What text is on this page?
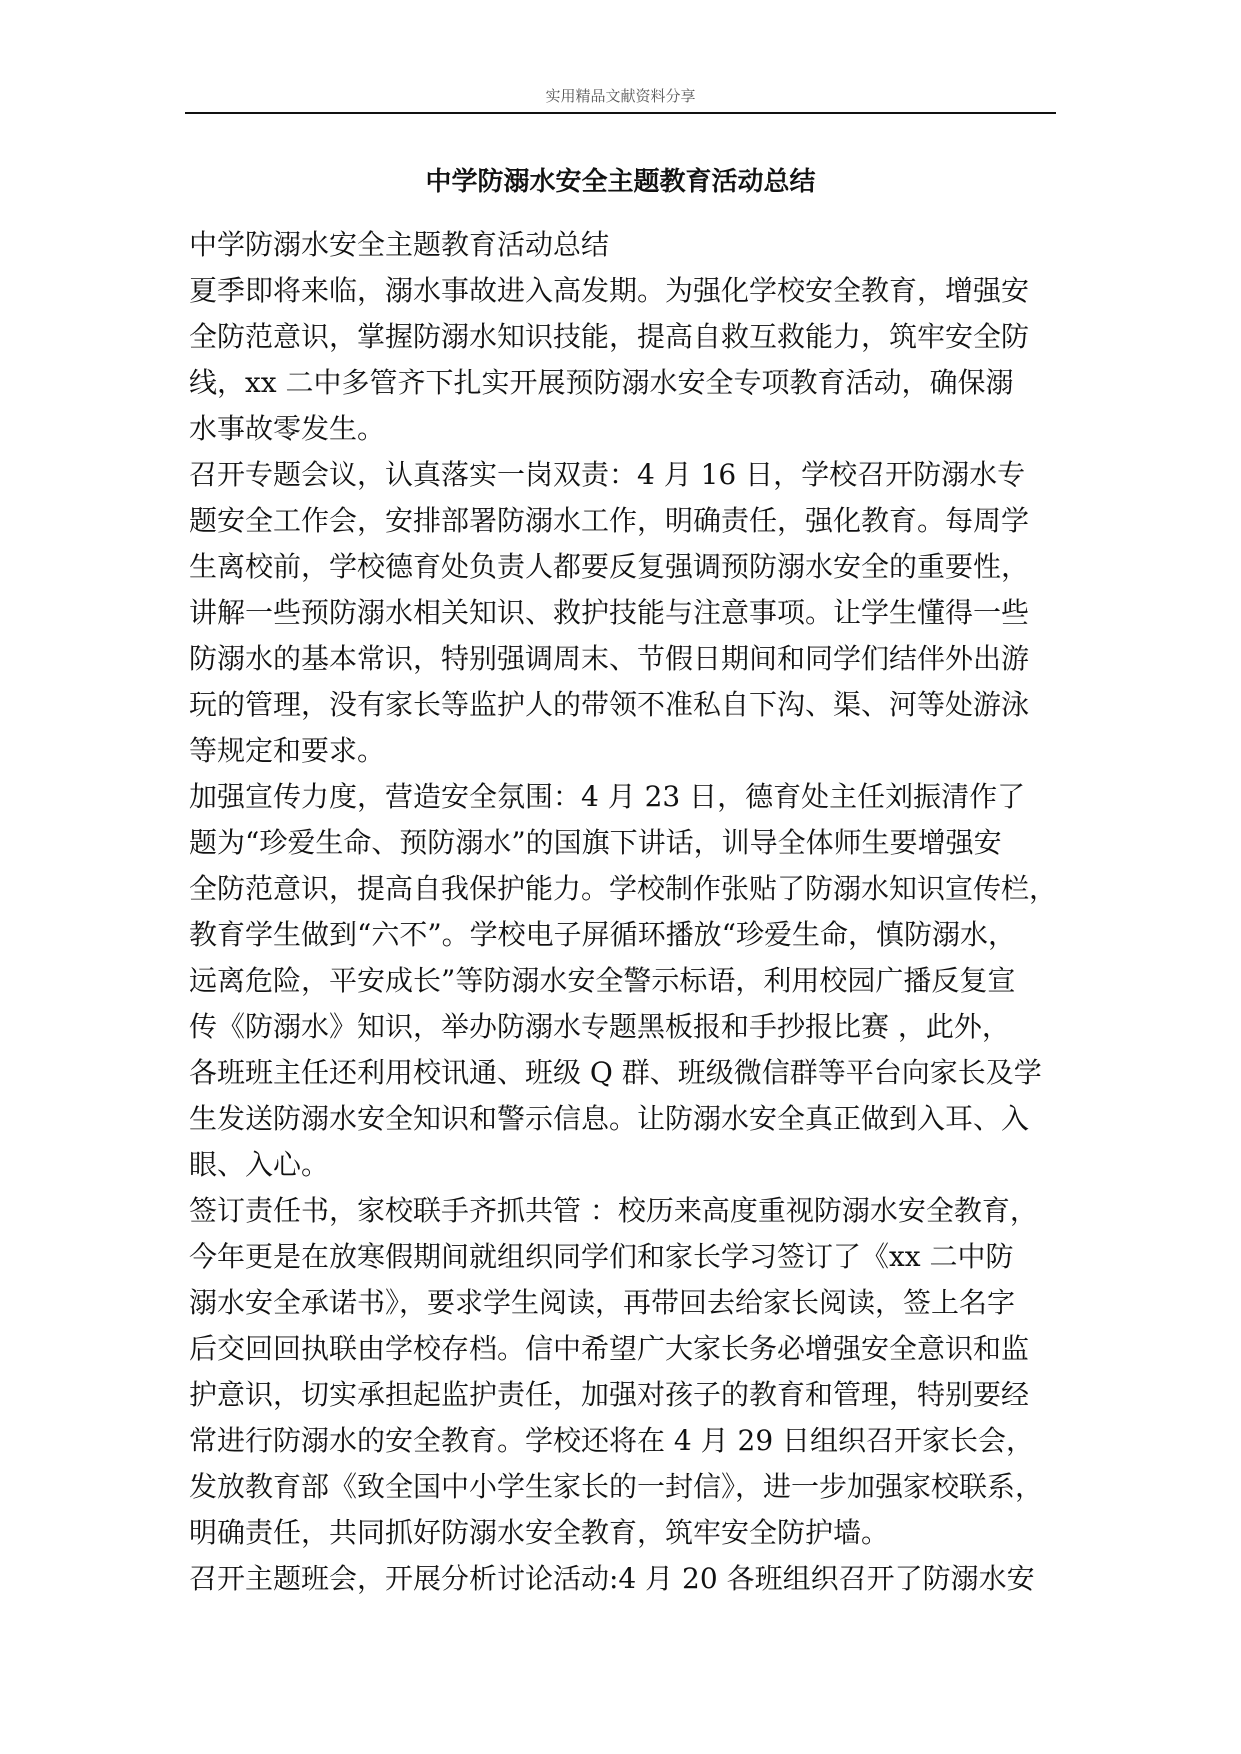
实用精品文献资料分享
中学防溺水安全主题教育活动总结
中学防溺水安全主题教育活动总结
夏季即将来临，溺水事故进入高发期。为强化学校安全教育，增强安
全防范意识，掌握防溺水知识技能，提高自救互救能力，筑牢安全防
线，xx 二中多管齐下扎实开展预防溺水安全专项教育活动，确保溺
水事故零发生。
召开专题会议，认真落实一岗双责：4 月 16 日，学校召开防溺水专
题安全工作会，安排部署防溺水工作，明确责任，强化教育。每周学
生离校前，学校德育处负责人都要反复强调预防溺水安全的重要性，
讲解一些预防溺水相关知识、救护技能与注意事项。让学生懂得一些
防溺水的基本常识，特别强调周末、节假日期间和同学们结伴外出游
玩的管理，没有家长等监护人的带领不准私自下沟、渠、河等处游泳
等规定和要求。
加强宣传力度，营造安全氛围：4 月 23 日，德育处主任刘振清作了
题为“珍爱生命、预防溺水”的国旗下讲话，训导全体师生要增强安
全防范意识，提高自我保护能力。学校制作张贴了防溺水知识宣传栏，
教育学生做到“六不”。学校电子屏循环播放“珍爱生命，慎防溺水，
远离危险，平安成长”等防溺水安全警示标语，利用校园广播反复宣
传《防溺水》知识，举办防溺水专题黑板报和手抄报比赛 ，此外，
各班班主任还利用校讯通、班级 Q 群、班级微信群等平台向家长及学
生发送防溺水安全知识和警示信息。让防溺水安全真正做到入耳、入
眼、入心。
签订责任书，家校联手齐抓共管 ：校历来高度重视防溺水安全教育，
今年更是在放寒假期间就组织同学们和家长学习签订了《xx 二中防
溺水安全承诺书》，要求学生阅读，再带回去给家长阅读，签上名字
后交回回执联由学校存档。信中希望广大家长务必增强安全意识和监
护意识，切实承担起监护责任，加强对孩子的教育和管理，特别要经
常进行防溺水的安全教育。学校还将在 4 月 29 日组织召开家长会，
发放教育部《致全国中小学生家长的一封信》，进一步加强家校联系，
明确责任，共同抓好防溺水安全教育，筑牢安全防护墙。
召开主题班会，开展分析讨论活动:4 月 20 各班组织召开了防溺水安
